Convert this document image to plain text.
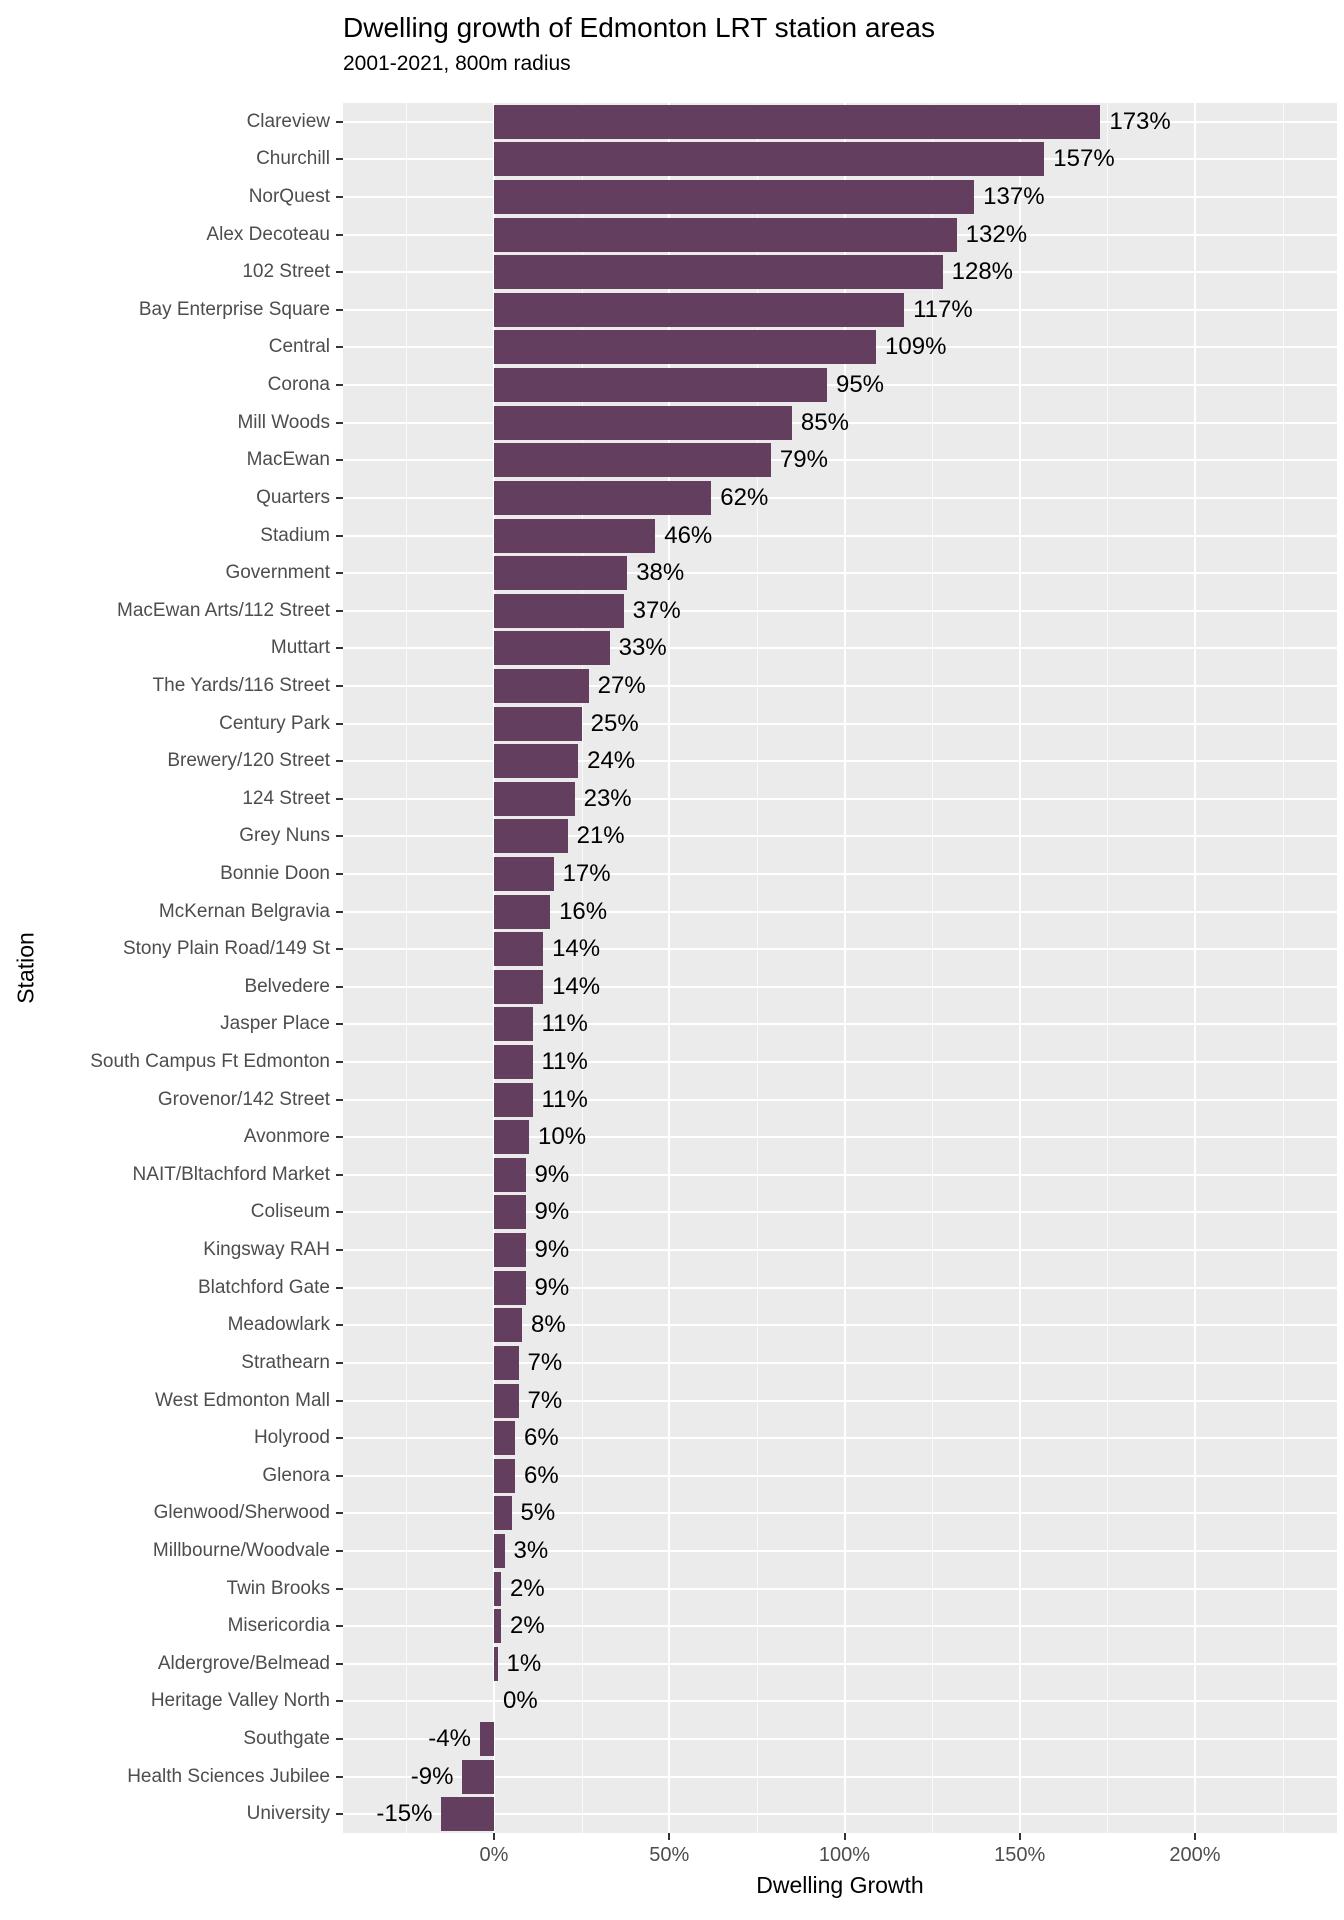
Dwelling growth of Edmonton LRT station areas
2001-2021, 800m radius
Station
173%
157%
137%
132%
128%
117%
109%
95%
85%
79%
62%
46%
38%
37%
33%
27%
25%
24%
23%
21%
17%
16%
14%
14%
11%
11%
11%
10%
9%
9%
9%
9%
8%
7%
7%
6%
6%
5%
3%
2%
2%
1%
0%
-4%
-9%
-15%
Clareview
Churchill
NorQuest
Alex Decoteau
102 Street
Bay Enterprise Square
Central
Corona
Mill Woods
MacEwan
Quarters
Stadium
Government
MacEwan Arts/112 Street
Muttart
The Yards/116 Street
Century Park
Brewery/120 Street
124 Street
Grey Nuns
Bonnie Doon
McKernan Belgravia
Stony Plain Road/149 St
Belvedere
Jasper Place
South Campus Ft Edmonton
Grovenor/142 Street
Avonmore
NAIT/Bltachford Market
Coliseum
Kingsway RAH
Blatchford Gate
Meadowlark
Strathearn
West Edmonton Mall
Holyrood
Glenora
Glenwood/Sherwood
Millbourne/Woodvale
Twin Brooks
Misericordia
Aldergrove/Belmead
Heritage Valley North
Southgate
Health Sciences Jubilee
University
0%	50%	100%	150%	200%
Dwelling Growth
